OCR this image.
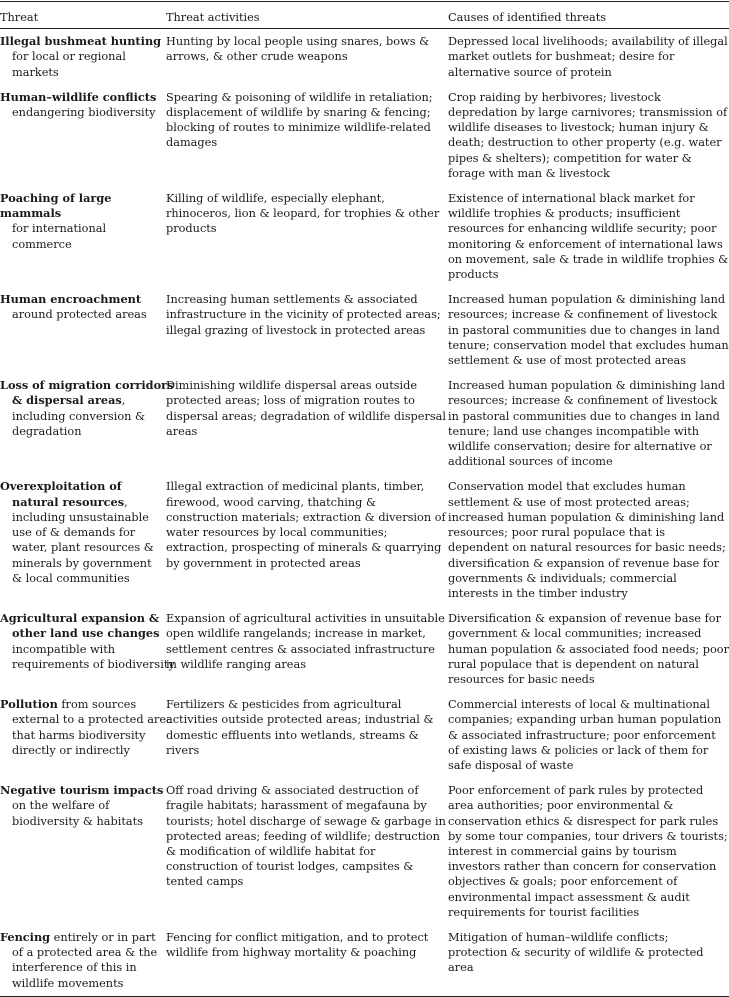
Threat	Threat activities	Causes of identified threats
Illegal bushmeat hunting
for local or regional markets
Hunting by local people using snares, bows & arrows, & other crude weapons
Depressed local livelihoods; availability of illegal market outlets for bushmeat; desire for alternative source of protein
Human–wildlife conflicts
endangering biodiversity
Spearing & poisoning of wildlife in retaliation; displacement of wildlife by snaring & fencing; blocking of routes to minimize wildlife-related damages
Crop raiding by herbivores; livestock depredation by large carnivores; transmission of wildlife diseases to livestock; human injury & death; destruction to other property (e.g. water pipes & shelters); competition for water & forage with man & livestock
Poaching of large mammals
for international commerce
Killing of wildlife, especially elephant, rhinoceros, lion & leopard, for trophies & other products
Existence of international black market for wildlife trophies & products; insufficient resources for enhancing wildlife security; poor monitoring & enforcement of international laws on movement, sale & trade in wildlife trophies & products
Human encroachment
around protected areas
Increasing human settlements & associated infrastructure in the vicinity of protected areas; illegal grazing of livestock in protected areas
Increased human population & diminishing land resources; increase & confinement of livestock in pastoral communities due to changes in land tenure; conservation model that excludes human settlement & use of most protected areas
Loss of migration corridors & dispersal areas, including conversion & degradation
Diminishing wildlife dispersal areas outside protected areas; loss of migration routes to dispersal areas; degradation of wildlife dispersal areas
Increased human population & diminishing land resources; increase & confinement of livestock in pastoral communities due to changes in land tenure; land use changes incompatible with wildlife conservation; desire for alternative or additional sources of income
Overexploitation of natural resources, including unsustainable use of & demands for water, plant resources & minerals by government & local communities
Illegal extraction of medicinal plants, timber, firewood, wood carving, thatching & construction materials; extraction & diversion of water resources by local communities; extraction, prospecting of minerals & quarrying by government in protected areas
Conservation model that excludes human settlement & use of most protected areas; increased human population & diminishing land resources; poor rural populace that is dependent on natural resources for basic needs; diversification & expansion of revenue base for governments & individuals; commercial interests in the timber industry
Agricultural expansion & other land use changes incompatible with requirements of biodiversity
Expansion of agricultural activities in unsuitable open wildlife rangelands; increase in market, settlement centres & associated infrastructure in wildlife ranging areas
Diversification & expansion of revenue base for government & local communities; increased human population & associated food needs; poor rural populace that is dependent on natural resources for basic needs
Pollution from sources external to a protected area that harms biodiversity directly or indirectly
Fertilizers & pesticides from agricultural activities outside protected areas; industrial & domestic effluents into wetlands, streams & rivers
Commercial interests of local & multinational companies; expanding urban human population & associated infrastructure; poor enforcement of existing laws & policies or lack of them for safe disposal of waste
Negative tourism impacts
on the welfare of biodiversity & habitats
Off road driving & associated destruction of fragile habitats; harassment of megafauna by tourists; hotel discharge of sewage & garbage in protected areas; feeding of wildlife; destruction & modification of wildlife habitat for construction of tourist lodges, campsites & tented camps
Poor enforcement of park rules by protected area authorities; poor environmental & conservation ethics & disrespect for park rules by some tour companies, tour drivers & tourists; interest in commercial gains by tourism investors rather than concern for conservation objectives & goals; poor enforcement of environmental impact assessment & audit requirements for tourist facilities
Fencing entirely or in part of a protected area & the interference of this in wildlife movements
Fencing for conflict mitigation, and to protect wildlife from highway mortality & poaching
Mitigation of human–wildlife conflicts; protection & security of wildlife & protected area
